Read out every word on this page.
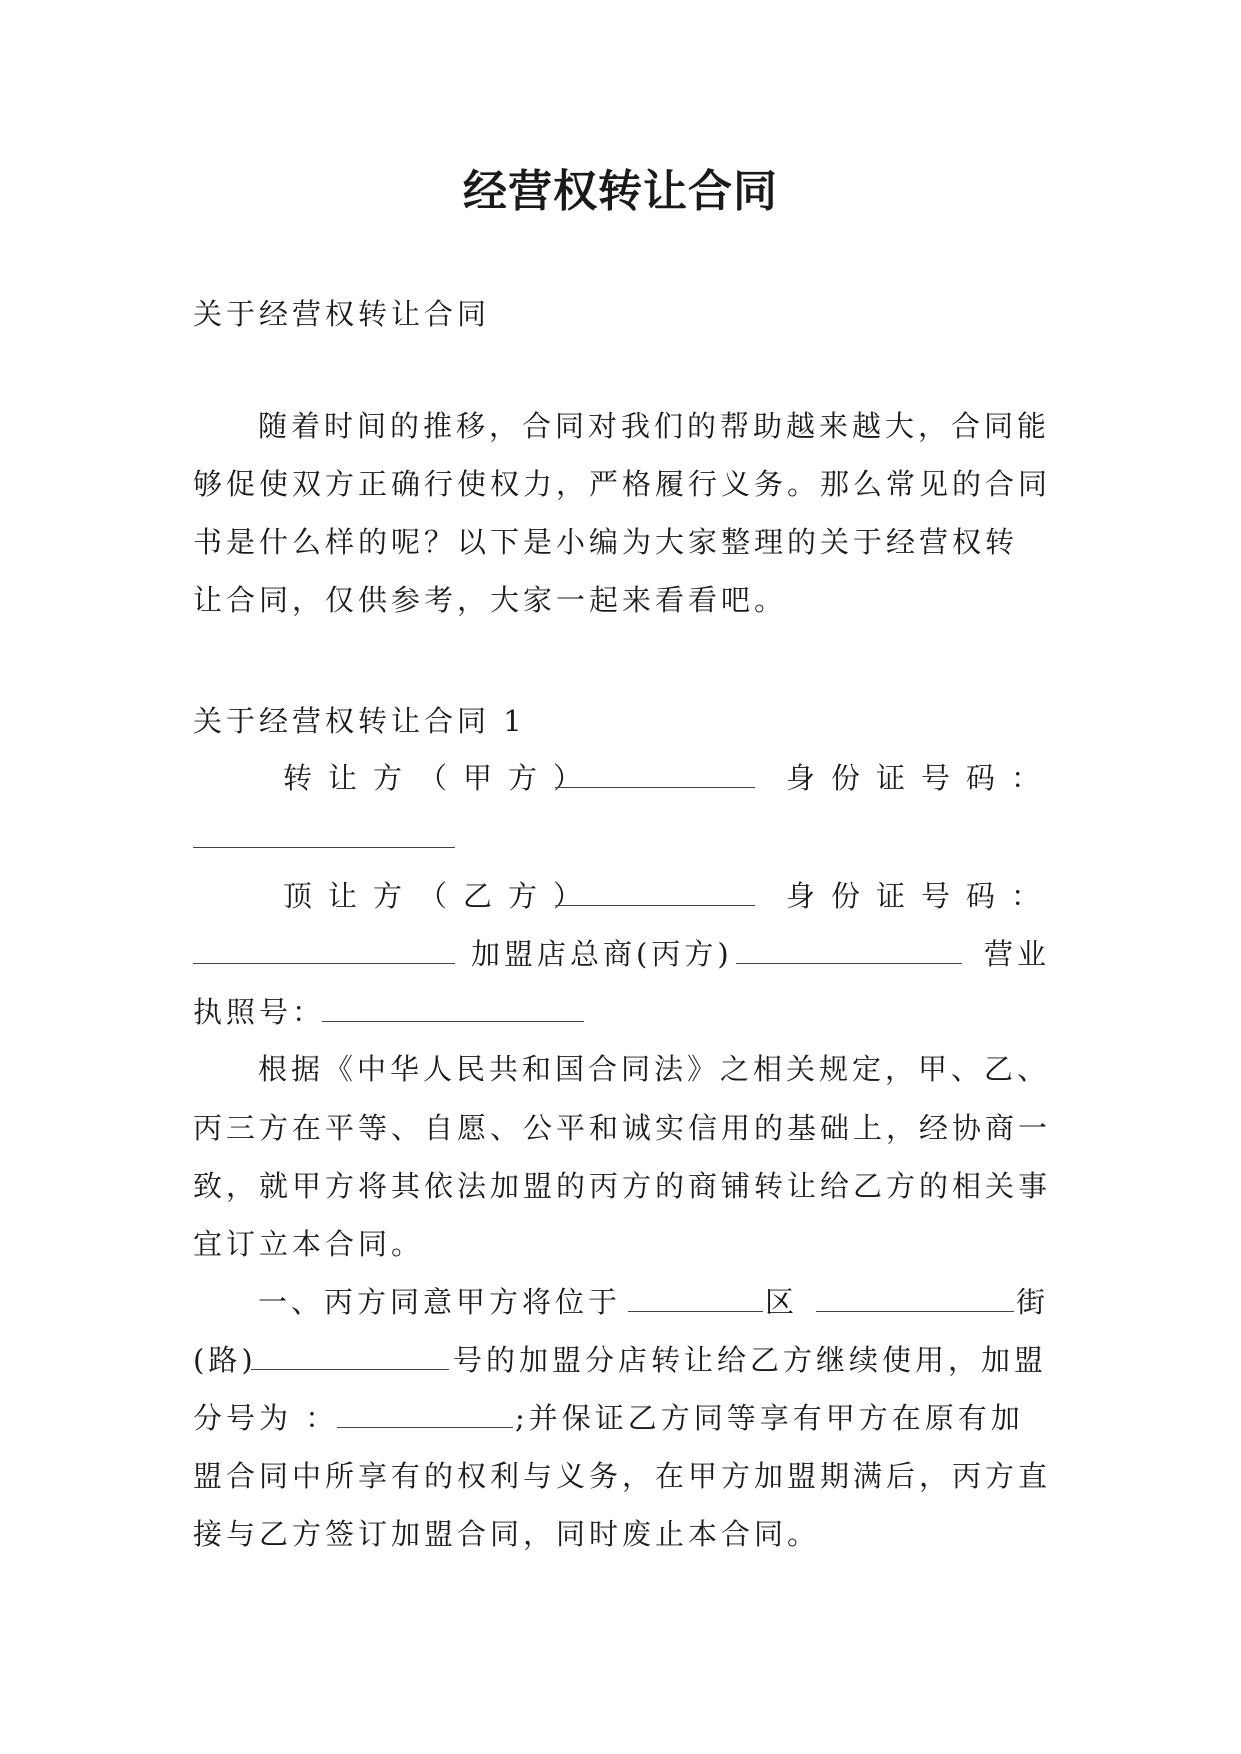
经营权转让合同
关于经营权转让合同
随着时间的推移，合同对我们的帮助越来越大，合同能
够促使双方正确行使权力，严格履行义务。那么常见的合同
书是什么样的呢？以下是小编为大家整理的关于经营权转
让合同，仅供参考，大家一起来看看吧。
关于经营权转让合同 1
转让方（甲方）	身份证号码：
顶让方（乙方）	身份证号码：
加盟店总商(丙方)	营业
执照号：
根据《中华人民共和国合同法》之相关规定，甲、乙、
丙三方在平等、自愿、公平和诚实信用的基础上，经协商一
致，就甲方将其依法加盟的丙方的商铺转让给乙方的相关事
宜订立本合同。
一、丙方同意甲方将位于	区	街
(路)	号的加盟分店转让给乙方继续使用，加盟
分号为 ：	;并保证乙方同等享有甲方在原有加
盟合同中所享有的权利与义务，在甲方加盟期满后，丙方直
接与乙方签订加盟合同，同时废止本合同。
